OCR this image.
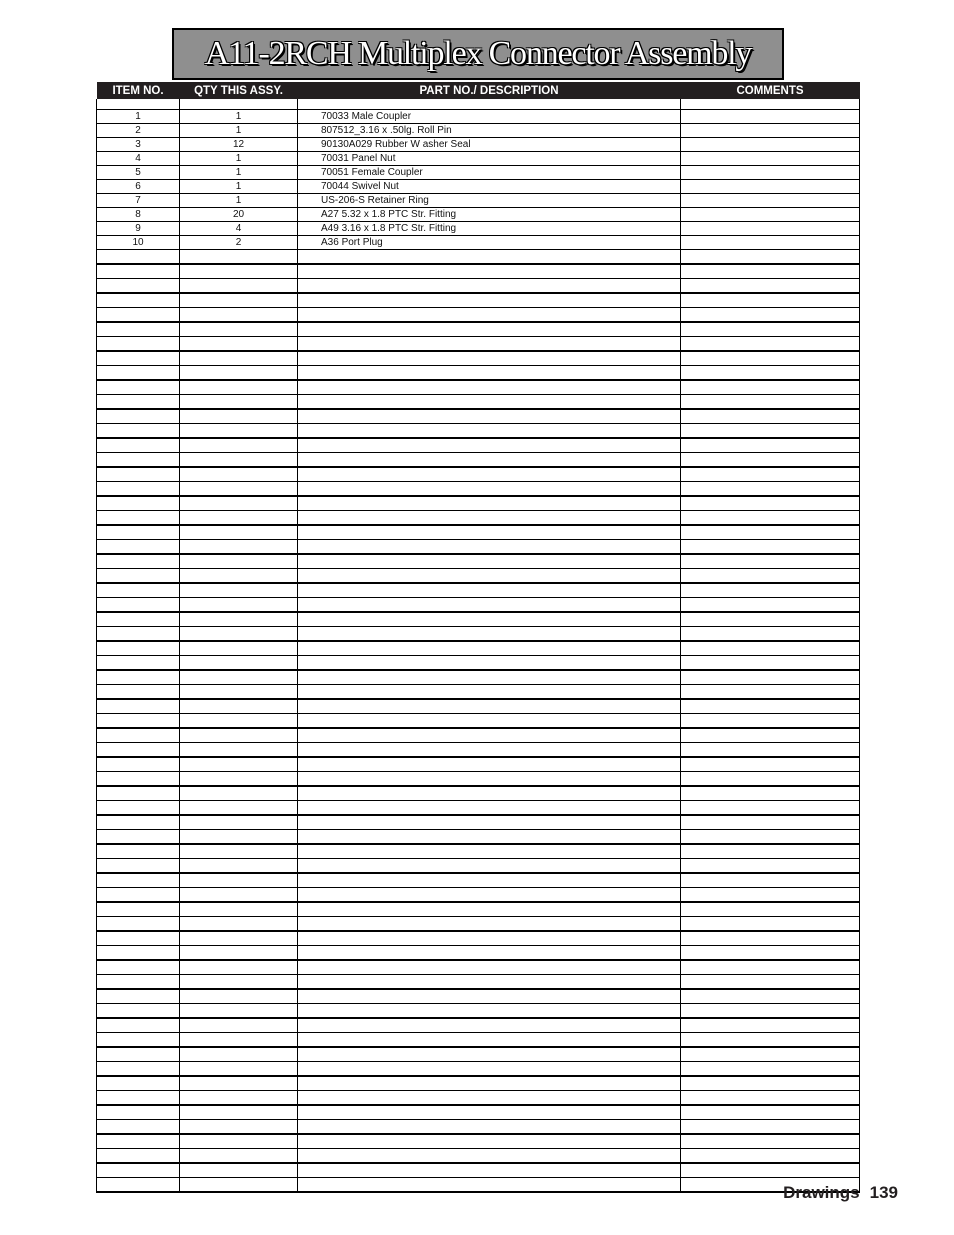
A11-2RCH Multiplex Connector Assembly
ITEM NO.	QTY THIS ASSY.	PART NO./ DESCRIPTION	COMMENTS

1	1	70033 Male Coupler	
2	1	807512_3.16 x .50lg. Roll Pin	
3	12	90130A029 Rubber W asher Seal	
4	1	70031 Panel Nut	
5	1	70051 Female Coupler	
6	1	70044 Swivel Nut	
7	1	US-206-S Retainer Ring	
8	20	A27 5.32 x 1.8 PTC Str. Fitting	
9	4	A49 3.16 x 1.8 PTC Str. Fitting	
10	2	A36 Port Plug	

Drawings 139
